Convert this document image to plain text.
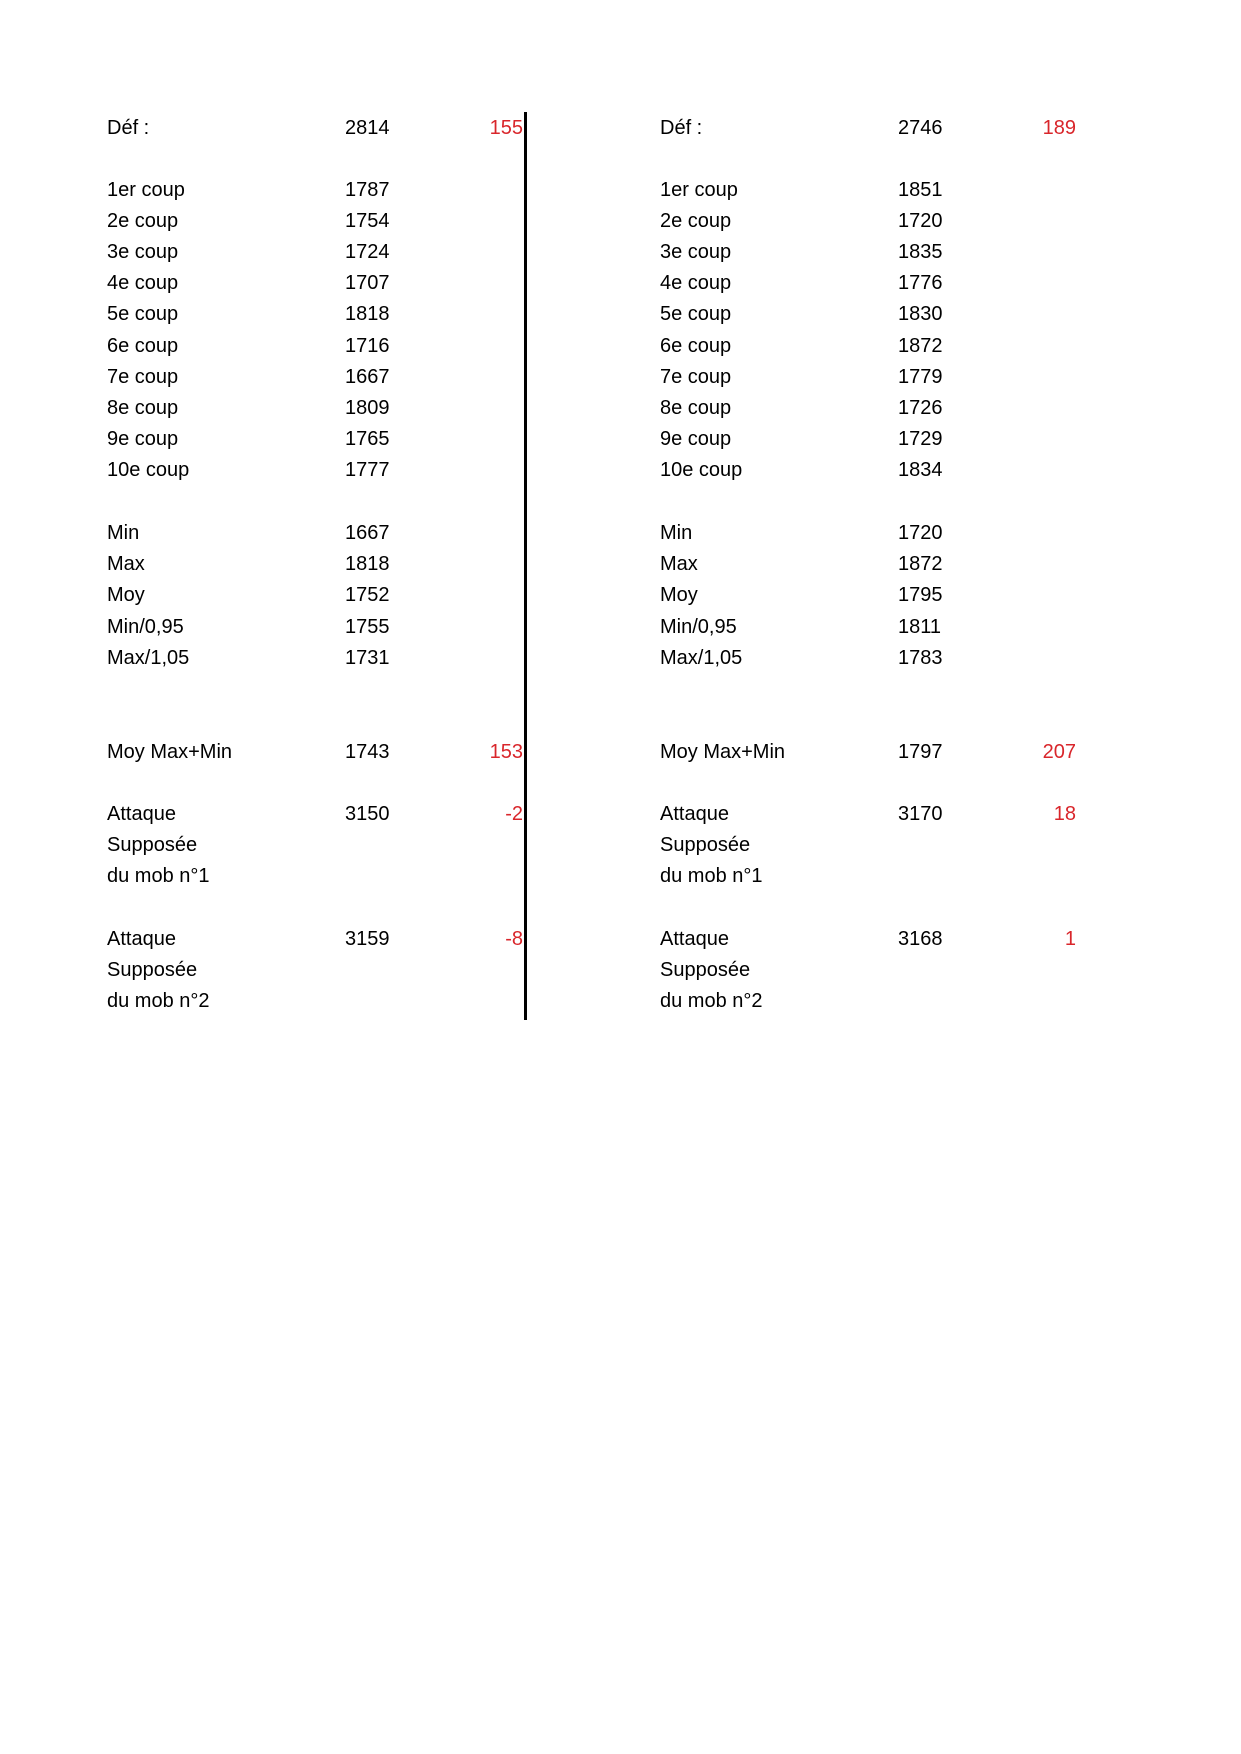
Déf :	2814	155
1er coup	1787
2e coup	1754
3e coup	1724
4e coup	1707
5e coup	1818
6e coup	1716
7e coup	1667
8e coup	1809
9e coup	1765
10e coup	1777
Min	1667
Max	1818
Moy	1752
Min/0,95	1755
Max/1,05	1731
Moy Max+Min	1743	153
Attaque	3150	-2
Supposée
du mob n°1
Attaque	3159	-8
Supposée
du mob n°2
Déf :	2746	189
1er coup	1851
2e coup	1720
3e coup	1835
4e coup	1776
5e coup	1830
6e coup	1872
7e coup	1779
8e coup	1726
9e coup	1729
10e coup	1834
Min	1720
Max	1872
Moy	1795
Min/0,95	1811
Max/1,05	1783
Moy Max+Min	1797	207
Attaque	3170	18
Supposée
du mob n°1
Attaque	3168	1
Supposée
du mob n°2
